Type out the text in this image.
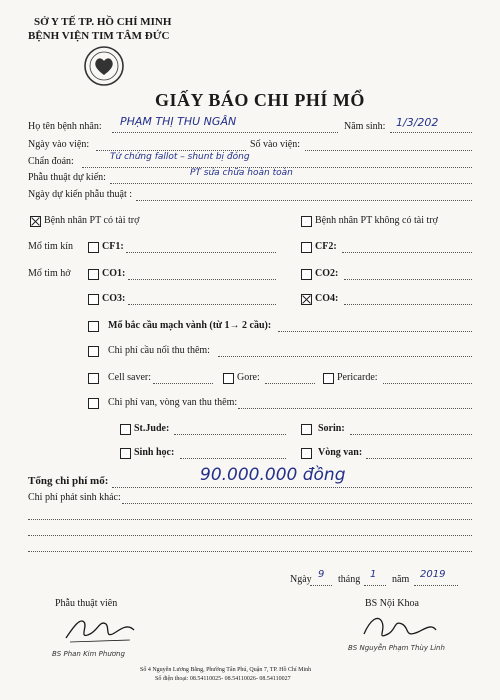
SỞ Y TẾ TP. HỒ CHÍ MINH
BỆNH VIỆN TIM TÂM ĐỨC
GIẤY BÁO CHI PHÍ MỔ
Họ tên bệnh nhân: PHẠM THỊ THU NGÂN	Năm sinh: 1/3/202
Ngày vào viện:	Số vào viện:
Chẩn đoán:	Tứ chứng fallot – shunt bị đóng
Phẫu thuật dự kiến:	PT sửa chữa hoàn toàn
Ngày dự kiến phẫu thuật :
Bệnh nhân PT có tài trợ	Bệnh nhân PT không có tài trợ
Mổ tim kín	CF1:	CF2:
Mổ tim hở	CO1:	CO2:
CO3:	CO4:
Mổ bắc cầu mạch vành (từ 1→ 2 cầu):
Chi phí cầu nối thu thêm:
Cell saver:	Gore:	Pericarde:
Chi phí van, vòng van thu thêm:
St.Jude:	Sorin:
Sinh học:	Vòng van:
Tổng chi phí mổ:	90.000.000 đồng
Chi phí phát sinh khác:
Ngày 9 tháng 1 năm 2019
Phẫu thuật viên
BS Phan Kim Phương
BS Nội Khoa
BS Nguyễn Phạm Thùy Linh
Số 4 Nguyễn Lương Bằng, Phường Tân Phú, Quận 7, TP. Hồ Chí Minh
Số điện thoại: 08.54110025- 08.54110026- 08.54110027
